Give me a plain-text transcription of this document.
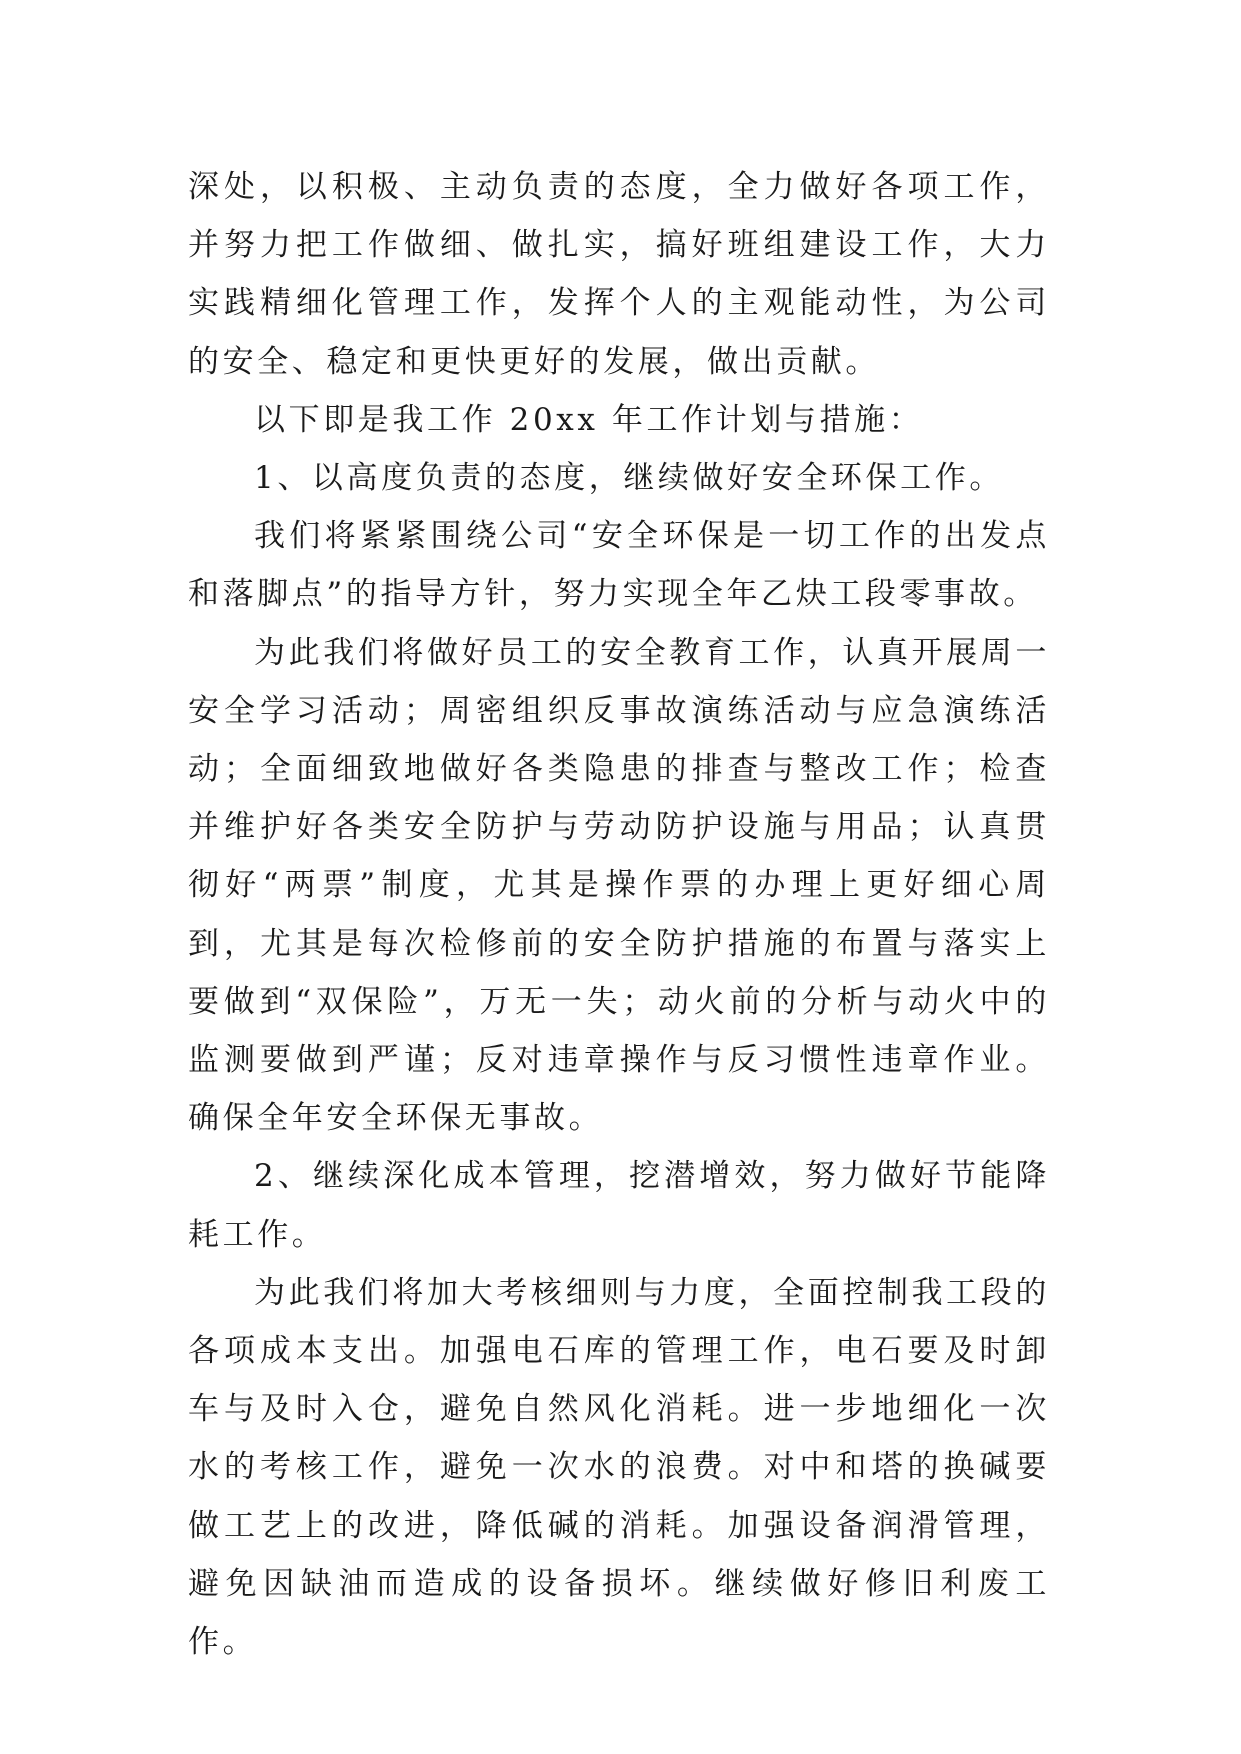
深处，以积极、主动负责的态度，全力做好各项工作，并努力把工作做细、做扎实，搞好班组建设工作，大力实践精细化管理工作，发挥个人的主观能动性，为公司的安全、稳定和更快更好的发展，做出贡献。

以下即是我工作 20xx 年工作计划与措施：

1、以高度负责的态度，继续做好安全环保工作。

我们将紧紧围绕公司“安全环保是一切工作的出发点和落脚点”的指导方针，努力实现全年乙炔工段零事故。

为此我们将做好员工的安全教育工作，认真开展周一安全学习活动；周密组织反事故演练活动与应急演练活动；全面细致地做好各类隐患的排查与整改工作；检查并维护好各类安全防护与劳动防护设施与用品；认真贯彻好“两票”制度，尤其是操作票的办理上更好细心周到，尤其是每次检修前的安全防护措施的布置与落实上要做到“双保险”，万无一失；动火前的分析与动火中的监测要做到严谨；反对违章操作与反习惯性违章作业。确保全年安全环保无事故。

2、继续深化成本管理，挖潜增效，努力做好节能降耗工作。

为此我们将加大考核细则与力度，全面控制我工段的各项成本支出。加强电石库的管理工作，电石要及时卸车与及时入仓，避免自然风化消耗。进一步地细化一次水的考核工作，避免一次水的浪费。对中和塔的换碱要做工艺上的改进，降低碱的消耗。加强设备润滑管理，避免因缺油而造成的设备损坏。继续做好修旧利废工作。
